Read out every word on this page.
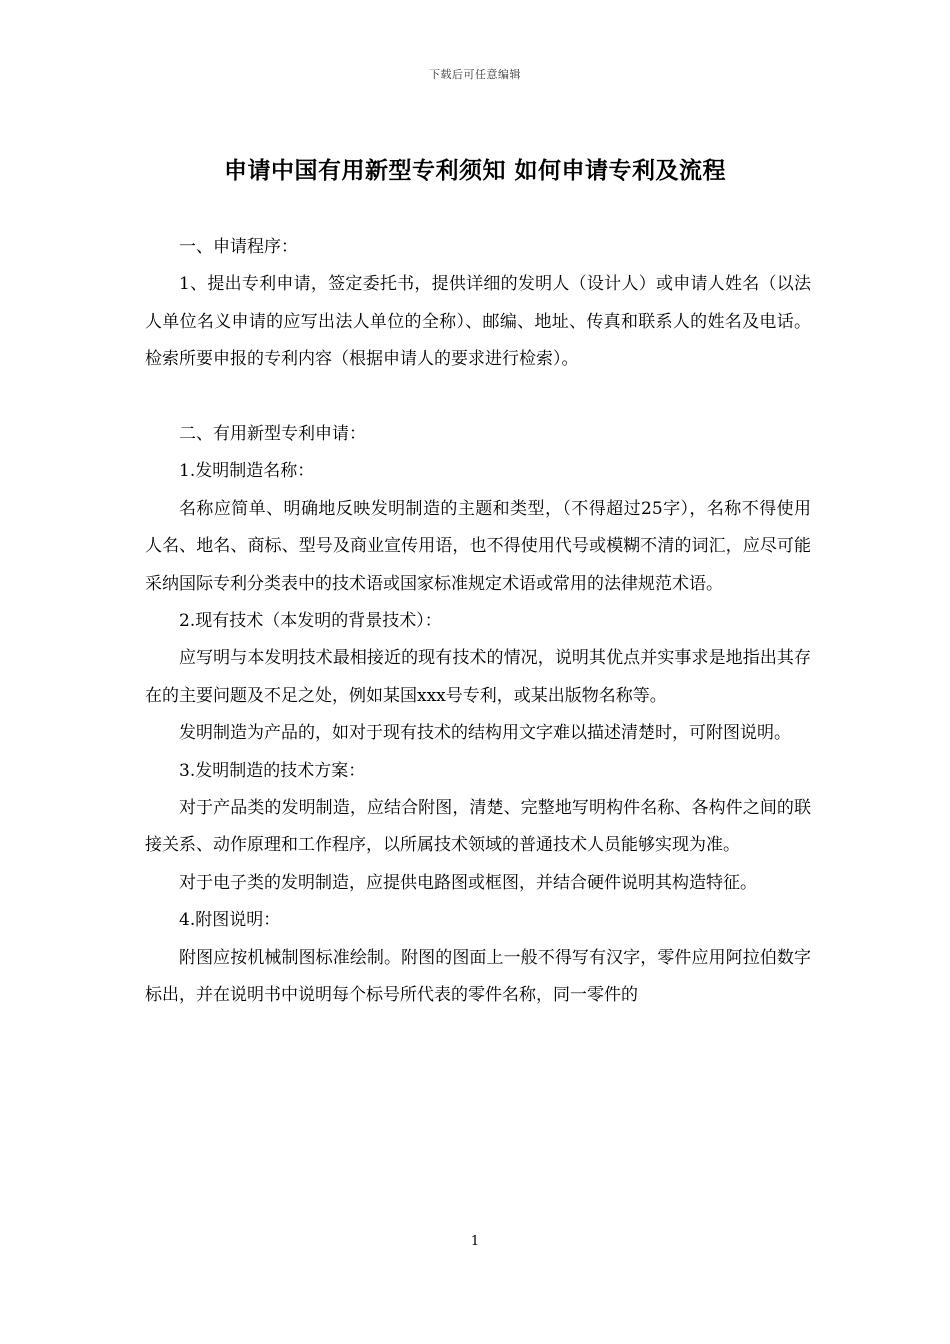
下载后可任意编辑
申请中国有用新型专利须知 如何申请专利及流程

一、申请程序：

1、提出专利申请，签定委托书，提供详细的发明人（设计人）或申请人姓名（以法人单位名义申请的应写出法人单位的全称）、邮编、地址、传真和联系人的姓名及电话。检索所要申报的专利内容（根据申请人的要求进行检索）。

二、有用新型专利申请：

1.发明制造名称：

名称应简单、明确地反映发明制造的主题和类型，（不得超过25字），名称不得使用人名、地名、商标、型号及商业宣传用语，也不得使用代号或模糊不清的词汇，应尽可能采纳国际专利分类表中的技术语或国家标准规定术语或常用的法律规范术语。

2.现有技术（本发明的背景技术）：

应写明与本发明技术最相接近的现有技术的情况，说明其优点并实事求是地指出其存在的主要问题及不足之处，例如某国xxx号专利，或某出版物名称等。

发明制造为产品的，如对于现有技术的结构用文字难以描述清楚时，可附图说明。

3.发明制造的技术方案：

对于产品类的发明制造，应结合附图，清楚、完整地写明构件名称、各构件之间的联接关系、动作原理和工作程序，以所属技术领域的普通技术人员能够实现为准。

对于电子类的发明制造，应提供电路图或框图，并结合硬件说明其构造特征。

4.附图说明：

附图应按机械制图标准绘制。附图的图面上一般不得写有汉字，零件应用阿拉伯数字标出，并在说明书中说明每个标号所代表的零件名称，同一零件的

1
